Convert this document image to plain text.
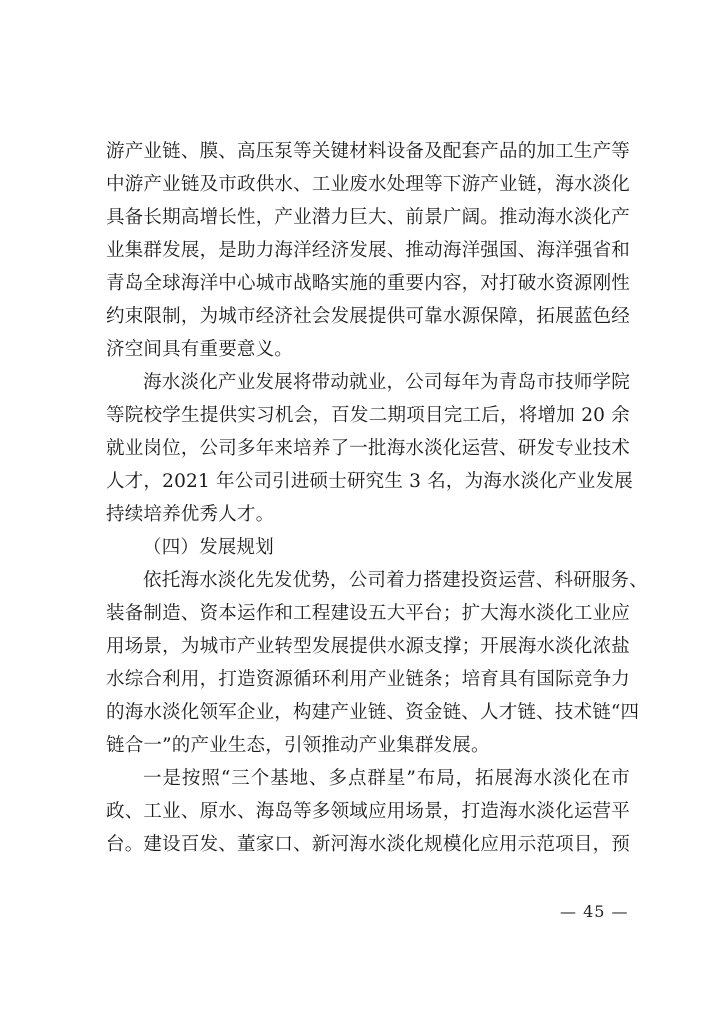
游产业链、膜、高压泵等关键材料设备及配套产品的加工生产等
中游产业链及市政供水、工业废水处理等下游产业链，海水淡化
具备长期高增长性，产业潜力巨大、前景广阔。推动海水淡化产
业集群发展，是助力海洋经济发展、推动海洋强国、海洋强省和
青岛全球海洋中心城市战略实施的重要内容，对打破水资源刚性
约束限制，为城市经济社会发展提供可靠水源保障，拓展蓝色经
济空间具有重要意义。
海水淡化产业发展将带动就业，公司每年为青岛市技师学院
等院校学生提供实习机会，百发二期项目完工后，将增加 20 余
就业岗位，公司多年来培养了一批海水淡化运营、研发专业技术
人才，2021 年公司引进硕士研究生 3 名，为海水淡化产业发展
持续培养优秀人才。
（四）发展规划
依托海水淡化先发优势，公司着力搭建投资运营、科研服务、
装备制造、资本运作和工程建设五大平台；扩大海水淡化工业应
用场景，为城市产业转型发展提供水源支撑；开展海水淡化浓盐
水综合利用，打造资源循环利用产业链条；培育具有国际竞争力
的海水淡化领军企业，构建产业链、资金链、人才链、技术链“四
链合一”的产业生态，引领推动产业集群发展。
一是按照“三个基地、多点群星”布局，拓展海水淡化在市
政、工业、原水、海岛等多领域应用场景，打造海水淡化运营平
台。建设百发、董家口、新河海水淡化规模化应用示范项目，预
— 45 —
